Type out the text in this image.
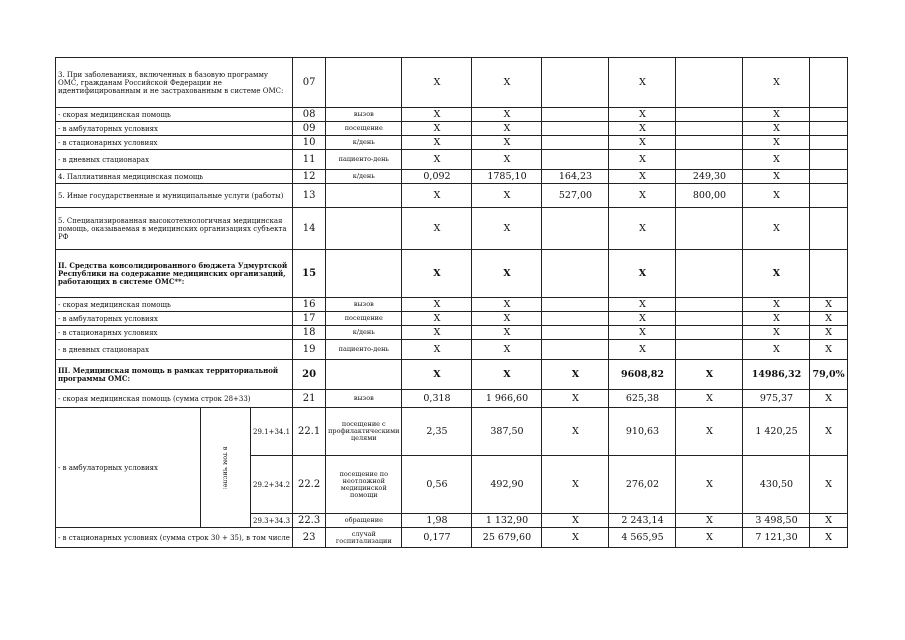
3. При заболеваниях, включенных в базовую программу ОМС, гражданам Российской Федерации не идентифицированным и не застрахованным в системе ОМС:			07		X	X		X		X	
- скорая медицинская помощь			08	вызов	X	X		X		X	
- в амбулаторных условиях			09	посещение	X	X		X		X	
- в стационарных условиях			10	к/день	X	X		X		X	
- в дневных стационарах			11	пациенто-день	X	X		X		X	
4. Паллиативная медицинская помощь			12	к/день	0,092	1785,10	164,23	X	249,30	X	
5. Иные государственные и муниципальные услуги (работы)			13		X	X	527,00	X	800,00	X	
5. Специализированная высокотехнологичная медицинская помощь, оказываемая в медицинских организациях субъекта РФ			14		X	X		X		X	
II. Средства консолидированного бюджета Удмуртской Республики на содержание медицинских организаций, работающих в системе ОМС**:			15		X	X		X		X	
- скорая медицинская помощь			16	вызов	X	X		X		X	X
- в амбулаторных условиях			17	посещение	X	X		X		X	X
- в стационарных условиях			18	к/день	X	X		X		X	X
- в дневных стационарах			19	пациенто-день	X	X		X		X	X
III. Медицинская помощь в рамках территориальной программы ОМС:			20		X	X	X	9608,82	X	14986,32	79,0%
- скорая медицинская помощь (сумма строк 28+33)			21	вызов	0,318	1 966,60	X	625,38	X	975,37	X
- в амбулаторных условиях	в том числе:	29.1+34.1	22.1	посещение с профилактическими целями	2,35	387,50	X	910,63	X	1 420,25	X
		29.2+34.2	22.2	посещение по неотложной медицинской помощи	0,56	492,90	X	276,02	X	430,50	X
		29.3+34.3	22.3	обращение	1,98	1 132,90	X	2 243,14	X	3 498,50	X
- в стационарных условиях (сумма строк 30 + 35), в том числе			23	случай госпитализации	0,177	25 679,60	X	4 565,95	X	7 121,30	X
